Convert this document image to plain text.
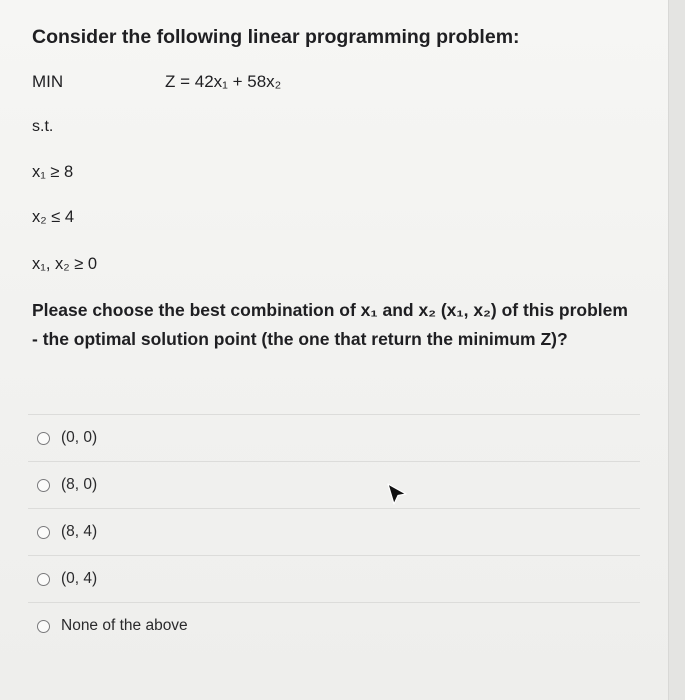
Consider the following linear programming problem:
MIN	Z = 42x₁ + 58x₂
s.t.
x₁ ≥ 8
x₂ ≤ 4
x₁, x₂ ≥ 0
Please choose the best combination of x₁ and x₂ (x₁, x₂) of this problem - the optimal solution point (the one that return the minimum Z)?
(0, 0)
(8, 0)
(8, 4)
(0, 4)
None of the above
